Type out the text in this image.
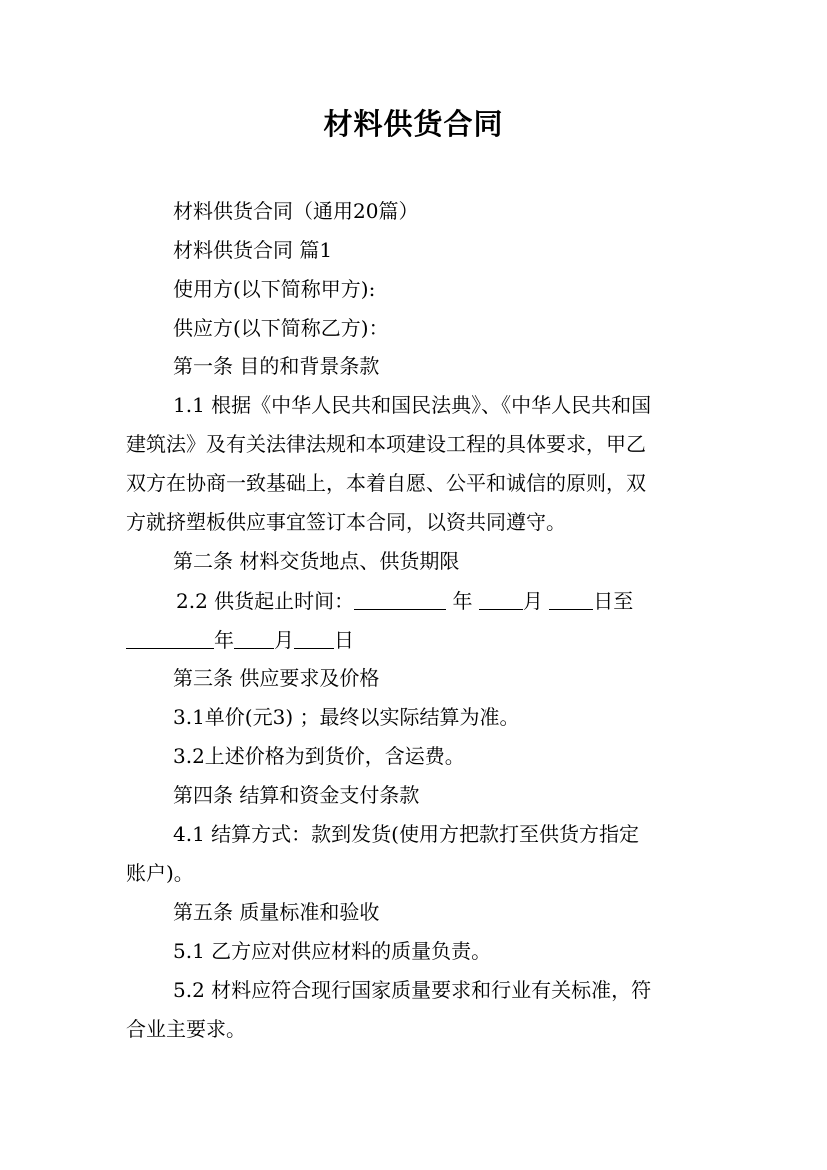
材料供货合同
材料供货合同（通用20篇）
材料供货合同 篇1
使用方(以下简称甲方):
供应方(以下简称乙方)：
第一条 目的和背景条款
1.1 根据《中华人民共和国民法典》、《中华人民共和国
建筑法》及有关法律法规和本项建设工程的具体要求，甲乙
双方在协商一致基础上，本着自愿、公平和诚信的原则，双
方就挤塑板供应事宜签订本合同，以资共同遵守。
第二条 材料交货地点、供货期限
2.2 供货起止时间：	年	月	日至
年 月 日
第三条 供应要求及价格
3.1单价(元3) ；最终以实际结算为准。
3.2上述价格为到货价，含运费。
第四条 结算和资金支付条款
4.1 结算方式：款到发货(使用方把款打至供货方指定
账户)。
第五条 质量标准和验收
5.1 乙方应对供应材料的质量负责。
5.2 材料应符合现行国家质量要求和行业有关标准，符
合业主要求。
